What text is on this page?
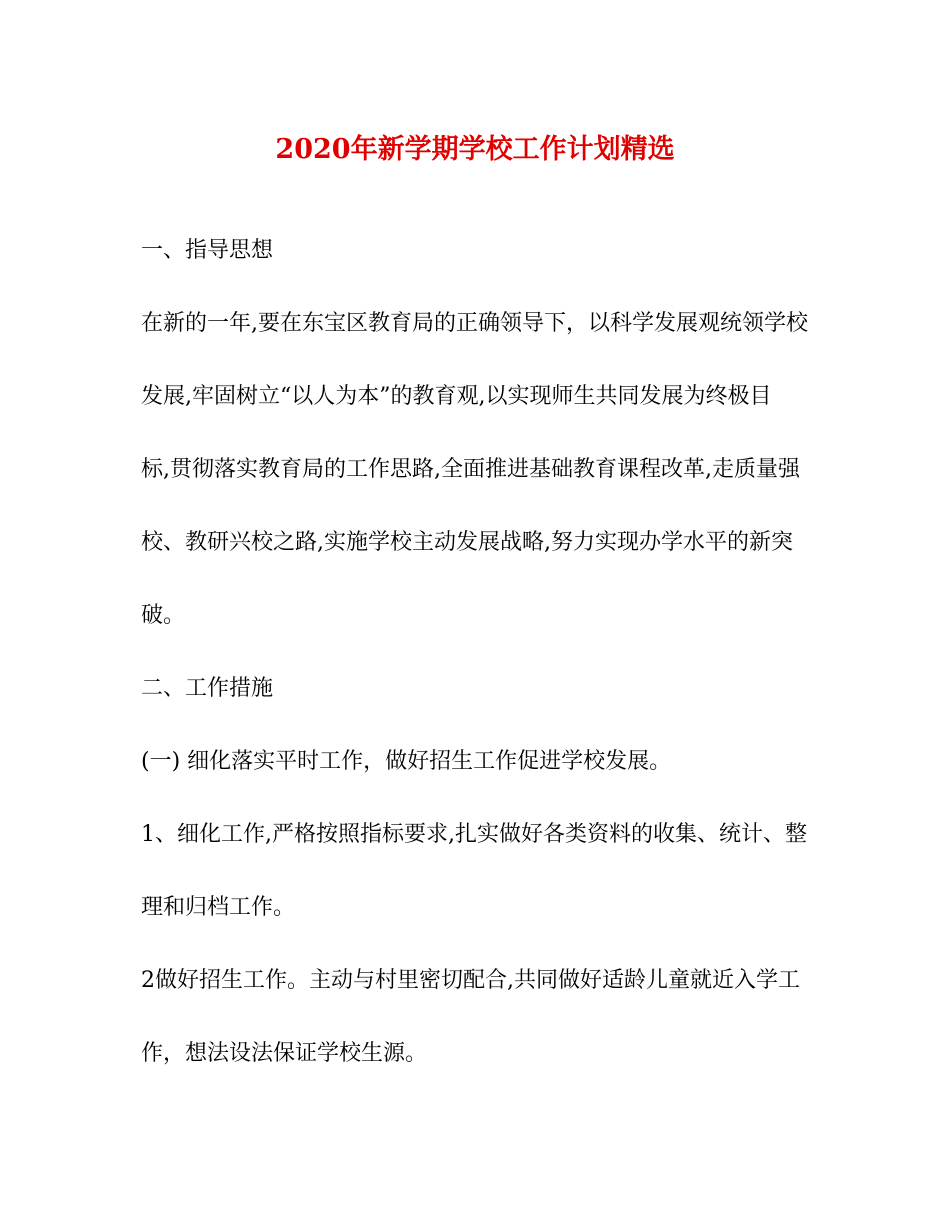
2020年新学期学校工作计划精选
一、指导思想
在新的一年,要在东宝区教育局的正确领导下，以科学发展观统领学校
发展,牢固树立“以人为本”的教育观,以实现师生共同发展为终极目
标,贯彻落实教育局的工作思路,全面推进基础教育课程改革,走质量强
校、教研兴校之路,实施学校主动发展战略,努力实现办学水平的新突
破。
二、工作措施
(一) 细化落实平时工作，做好招生工作促进学校发展。
1、细化工作,严格按照指标要求,扎实做好各类资料的收集、统计、整
理和归档工作。
2做好招生工作。主动与村里密切配合,共同做好适龄儿童就近入学工
作，想法设法保证学校生源。
